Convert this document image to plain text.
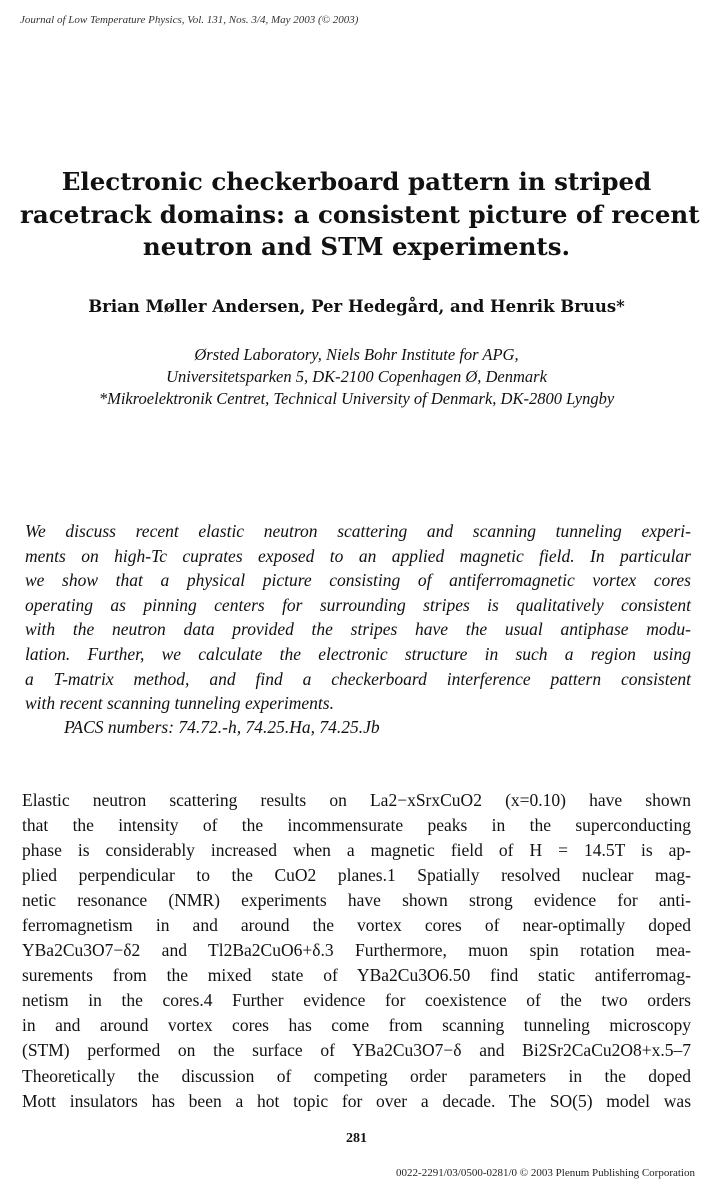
Journal of Low Temperature Physics, Vol. 131, Nos. 3/4, May 2003 (© 2003)
Electronic checkerboard pattern in striped
racetrack domains: a consistent picture of recent
neutron and STM experiments.
Brian Møller Andersen, Per Hedegård, and Henrik Bruus*
Ørsted Laboratory, Niels Bohr Institute for APG,
Universitetsparken 5, DK-2100 Copenhagen Ø, Denmark
*Mikroelektronik Centret, Technical University of Denmark, DK-2800 Lyngby
We discuss recent elastic neutron scattering and scanning tunneling experi-
ments on high-Tc cuprates exposed to an applied magnetic field. In particular
we show that a physical picture consisting of antiferromagnetic vortex cores
operating as pinning centers for surrounding stripes is qualitatively consistent
with the neutron data provided the stripes have the usual antiphase modu-
lation. Further, we calculate the electronic structure in such a region using
a T-matrix method, and find a checkerboard interference pattern consistent
with recent scanning tunneling experiments.
PACS numbers: 74.72.-h, 74.25.Ha, 74.25.Jb
Elastic neutron scattering results on La2−xSrxCuO2 (x=0.10) have shown
that the intensity of the incommensurate peaks in the superconducting
phase is considerably increased when a magnetic field of H = 14.5T is ap-
plied perpendicular to the CuO2 planes.1 Spatially resolved nuclear mag-
netic resonance (NMR) experiments have shown strong evidence for anti-
ferromagnetism in and around the vortex cores of near-optimally doped
YBa2Cu3O7−δ2 and Tl2Ba2CuO6+δ.3 Furthermore, muon spin rotation mea-
surements from the mixed state of YBa2Cu3O6.50 find static antiferromag-
netism in the cores.4 Further evidence for coexistence of the two orders
in and around vortex cores has come from scanning tunneling microscopy
(STM) performed on the surface of YBa2Cu3O7−δ and Bi2Sr2CaCu2O8+x.5–7
Theoretically the discussion of competing order parameters in the doped
Mott insulators has been a hot topic for over a decade. The SO(5) model was
281
0022-2291/03/0500-0281/0 © 2003 Plenum Publishing Corporation
